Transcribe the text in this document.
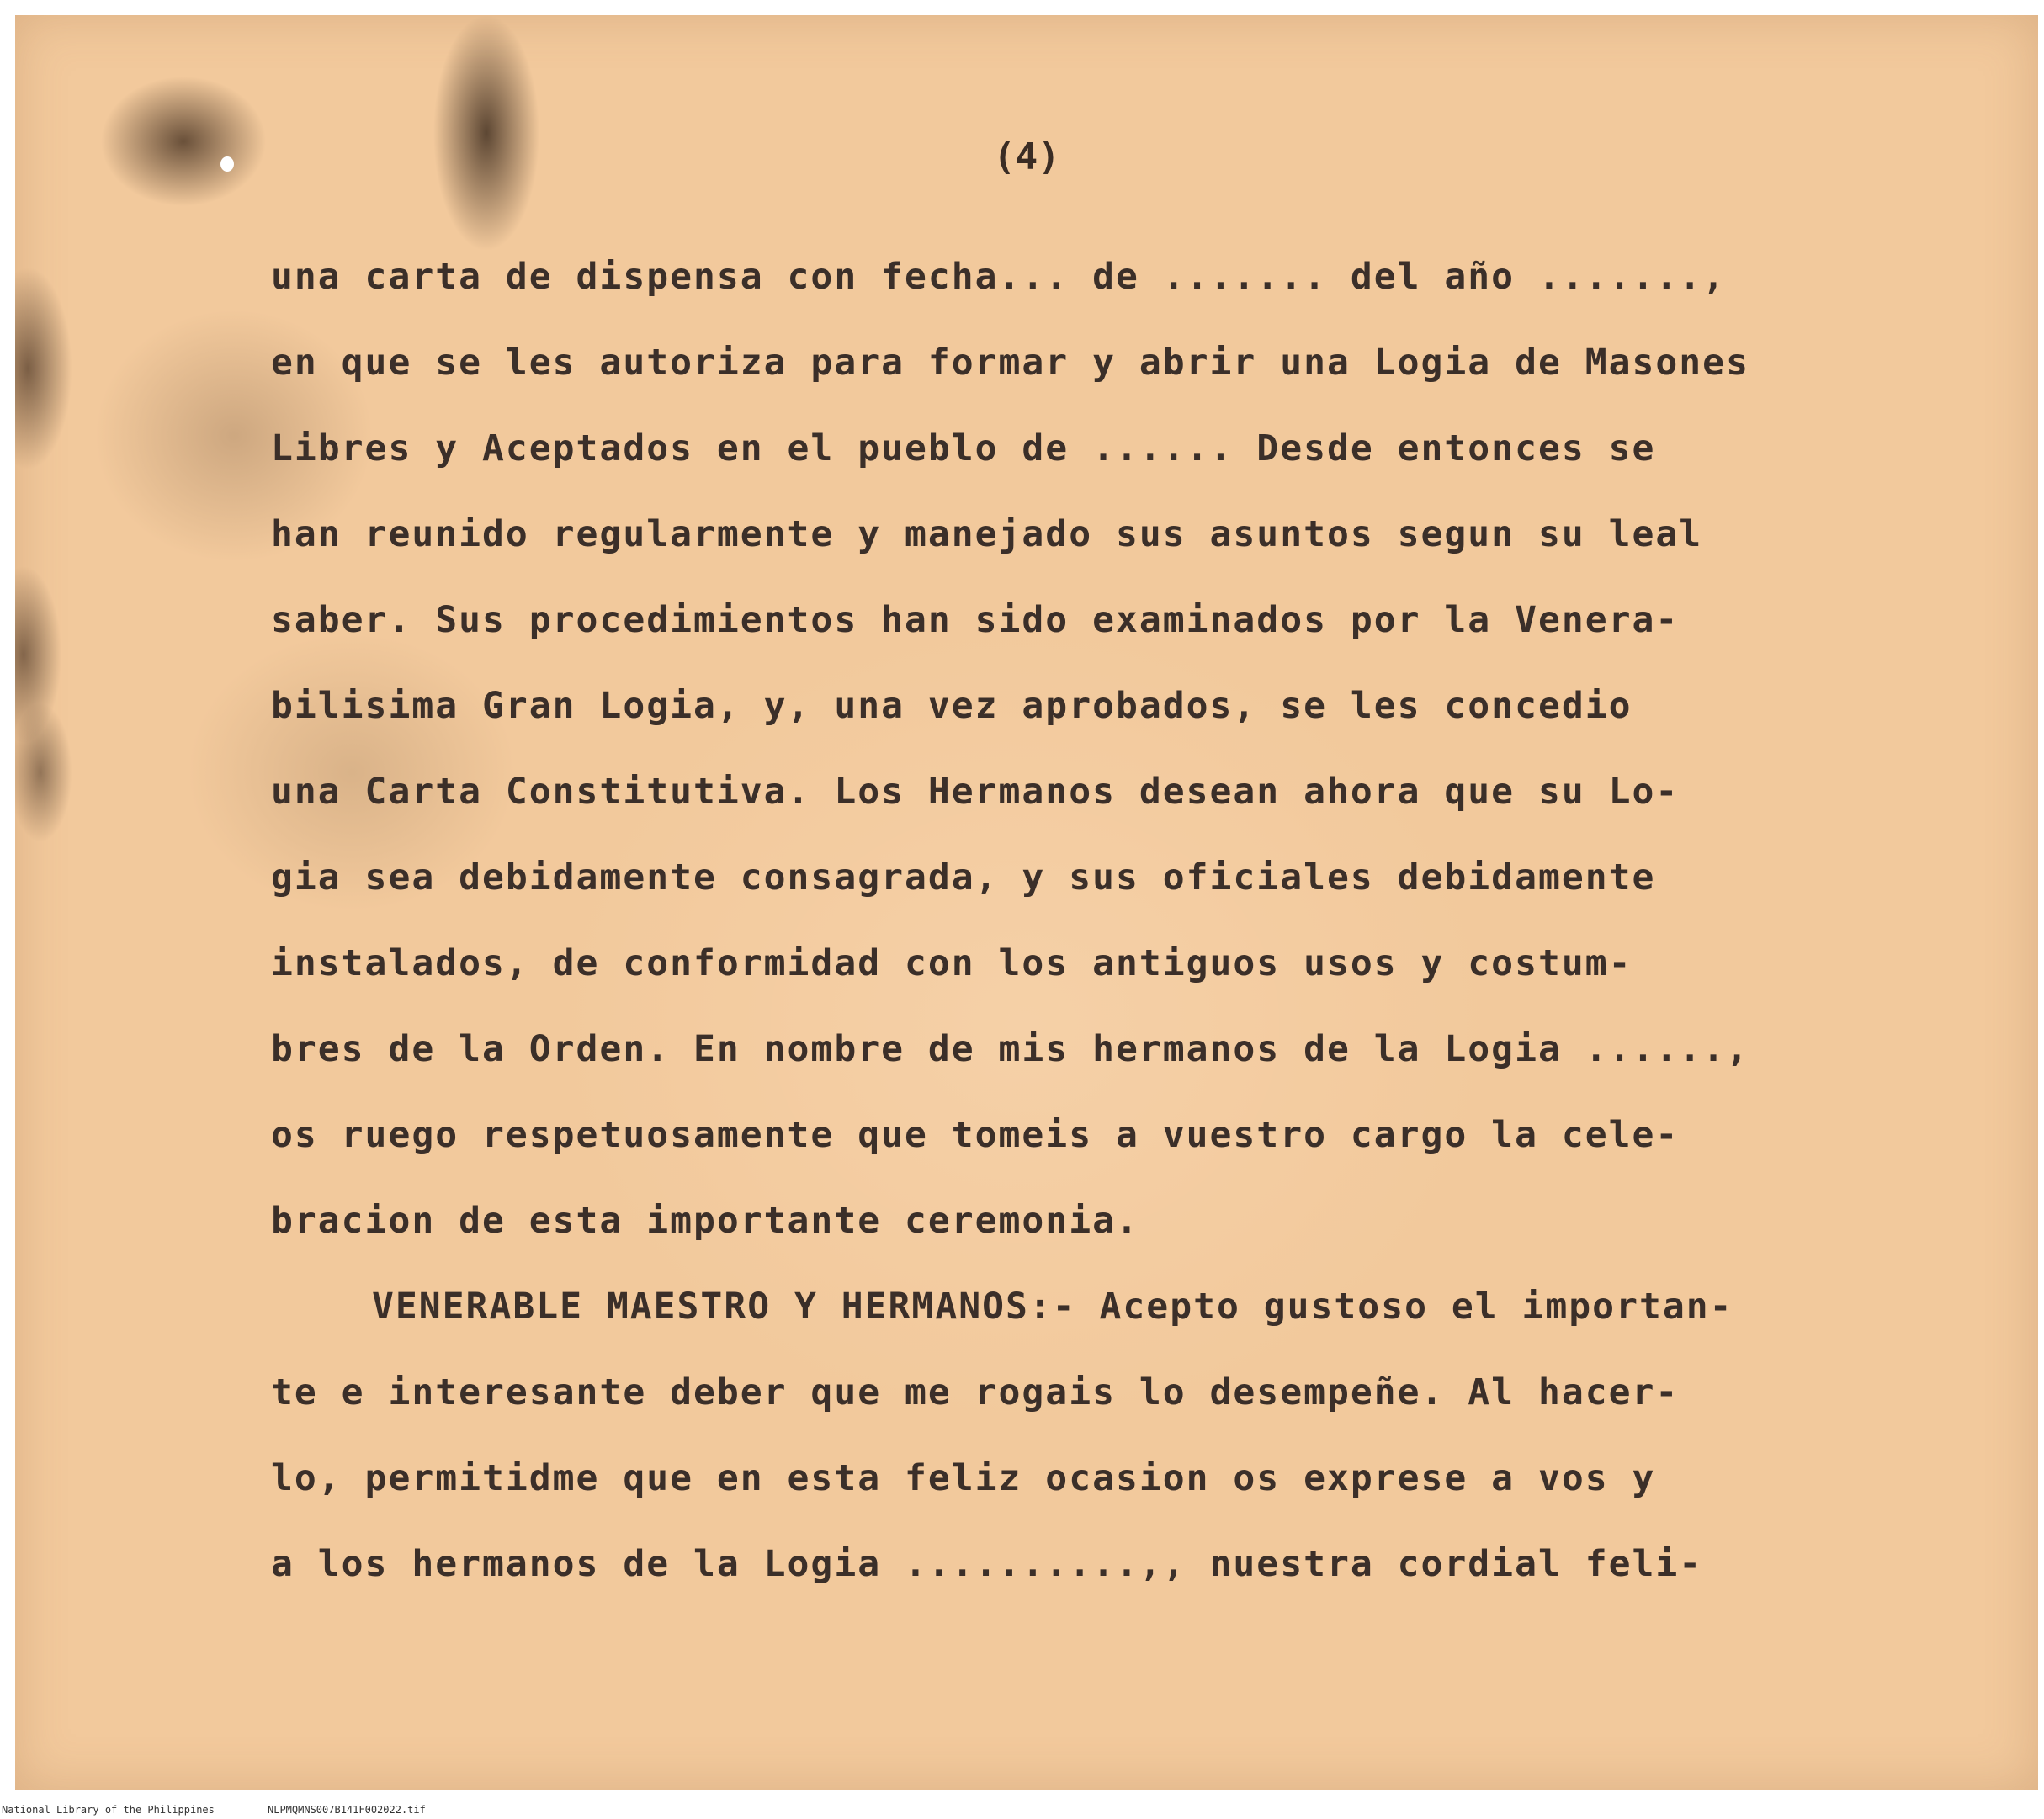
(4)
una carta de dispensa con fecha... de ....... del año .......,
en que se les autoriza para formar y abrir una Logia de Masones
Libres y Aceptados en el pueblo de ...... Desde entonces se
han reunido regularmente y manejado sus asuntos segun su leal
saber. Sus procedimientos han sido examinados por la Venera-
bilisima Gran Logia, y, una vez aprobados, se les concedio
una Carta Constitutiva. Los Hermanos desean ahora que su Lo-
gia sea debidamente consagrada, y sus oficiales debidamente
instalados, de conformidad con los antiguos usos y costum-
bres de la Orden. En nombre de mis hermanos de la Logia ......,
os ruego respetuosamente que tomeis a vuestro cargo la cele-
bracion de esta importante ceremonia.
VENERABLE MAESTRO Y HERMANOS:- Acepto gustoso el importan-
te e interesante deber que me rogais lo desempeñe. Al hacer-
lo, permitidme que en esta feliz ocasion os exprese a vos y
a los hermanos de la Logia ..........,, nuestra cordial feli-
National Library of the Philippines	NLPMQMNS007B141F002022.tif
